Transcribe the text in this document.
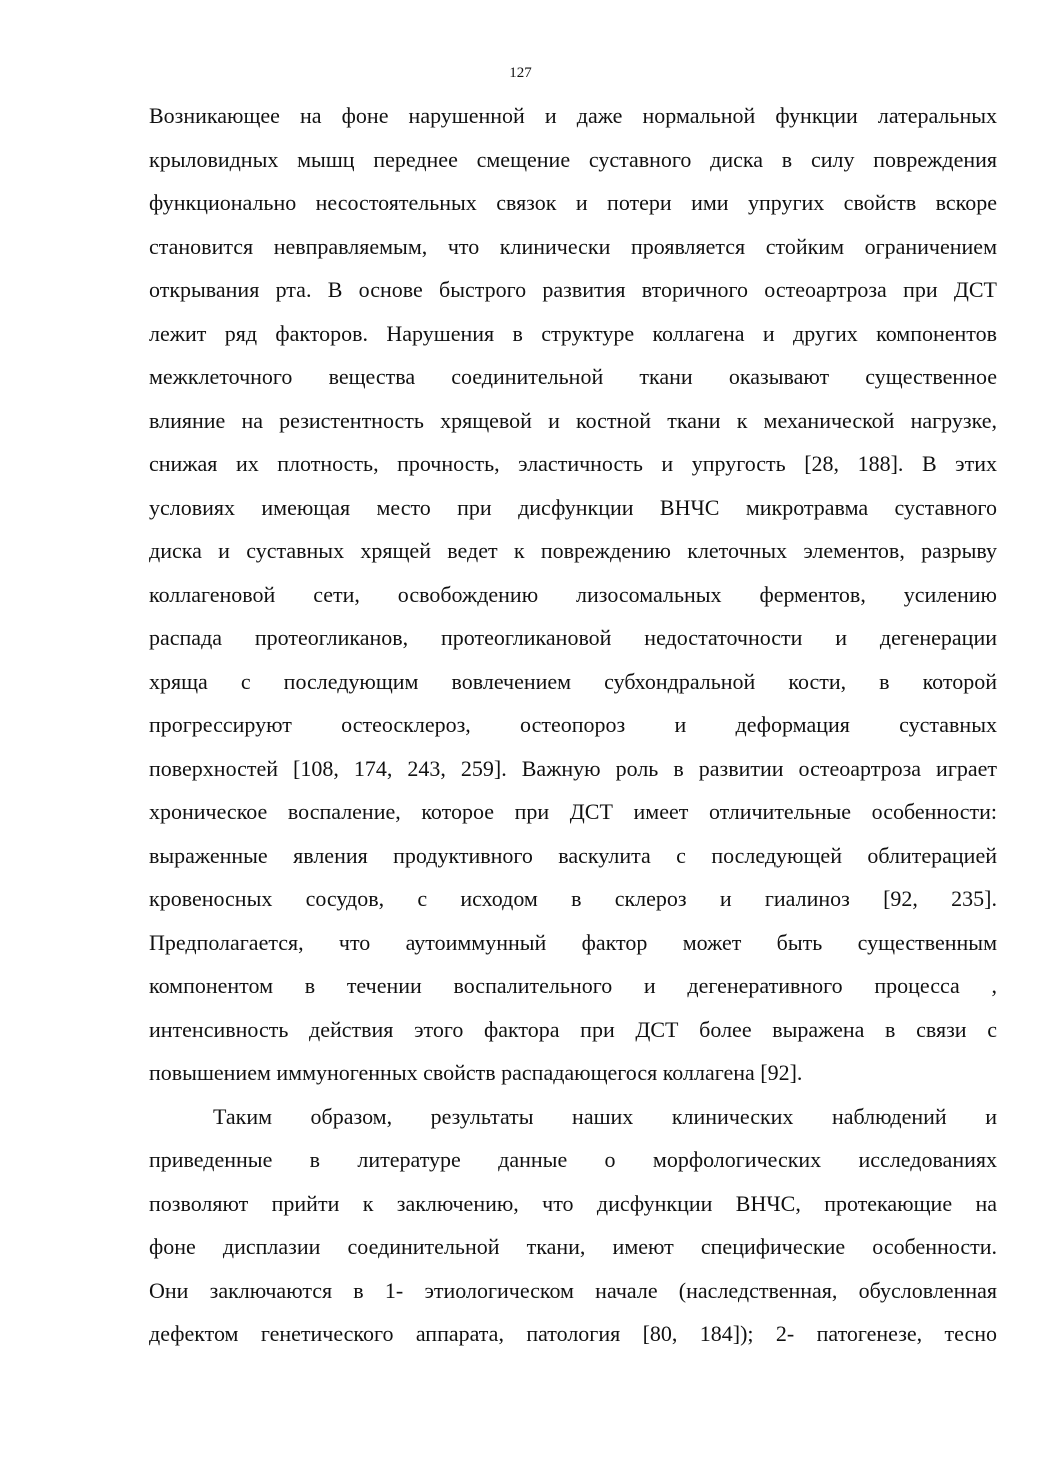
127
Возникающее на фоне нарушенной и даже нормальной функции латеральных
крыловидных мышц переднее смещение суставного диска в силу повреждения
функционально несостоятельных связок и потери ими упругих свойств вскоре
становится невправляемым, что клинически проявляется стойким ограничением
открывания рта. В основе быстрого развития вторичного остеоартроза при ДСТ
лежит ряд факторов. Нарушения в структуре коллагена и других компонентов
межклеточного вещества соединительной ткани оказывают существенное
влияние на резистентность хрящевой и костной ткани к механической нагрузке,
снижая их плотность, прочность, эластичность и упругость [28, 188]. В этих
условиях имеющая место при дисфункции ВНЧС микротравма суставного
диска и суставных хрящей ведет к повреждению клеточных элементов, разрыву
коллагеновой сети, освобождению лизосомальных ферментов, усилению
распада протеогликанов, протеогликановой недостаточности и дегенерации
хряща с последующим вовлечением субхондральной кости, в которой
прогрессируют остеосклероз, остеопороз и деформация суставных
поверхностей [108, 174, 243, 259]. Важную роль в развитии остеоартроза играет
хроническое воспаление, которое при ДСТ имеет отличительные особенности:
выраженные явления продуктивного васкулита с последующей облитерацией
кровеносных сосудов, с исходом в склероз и гиалиноз [92, 235].
Предполагается, что аутоиммунный фактор может быть существенным
компонентом в течении воспалительного и дегенеративного процесса ,
интенсивность действия этого фактора при ДСТ более выражена в связи с
повышением иммуногенных свойств распадающегося коллагена [92].
Таким образом, результаты наших клинических наблюдений и
приведенные в литературе данные о морфологических исследованиях
позволяют прийти к заключению, что дисфункции ВНЧС, протекающие на
фоне дисплазии соединительной ткани, имеют специфические особенности.
Они заключаются в 1- этиологическом начале (наследственная, обусловленная
дефектом генетического аппарата, патология [80, 184]); 2- патогенезе, тесно
